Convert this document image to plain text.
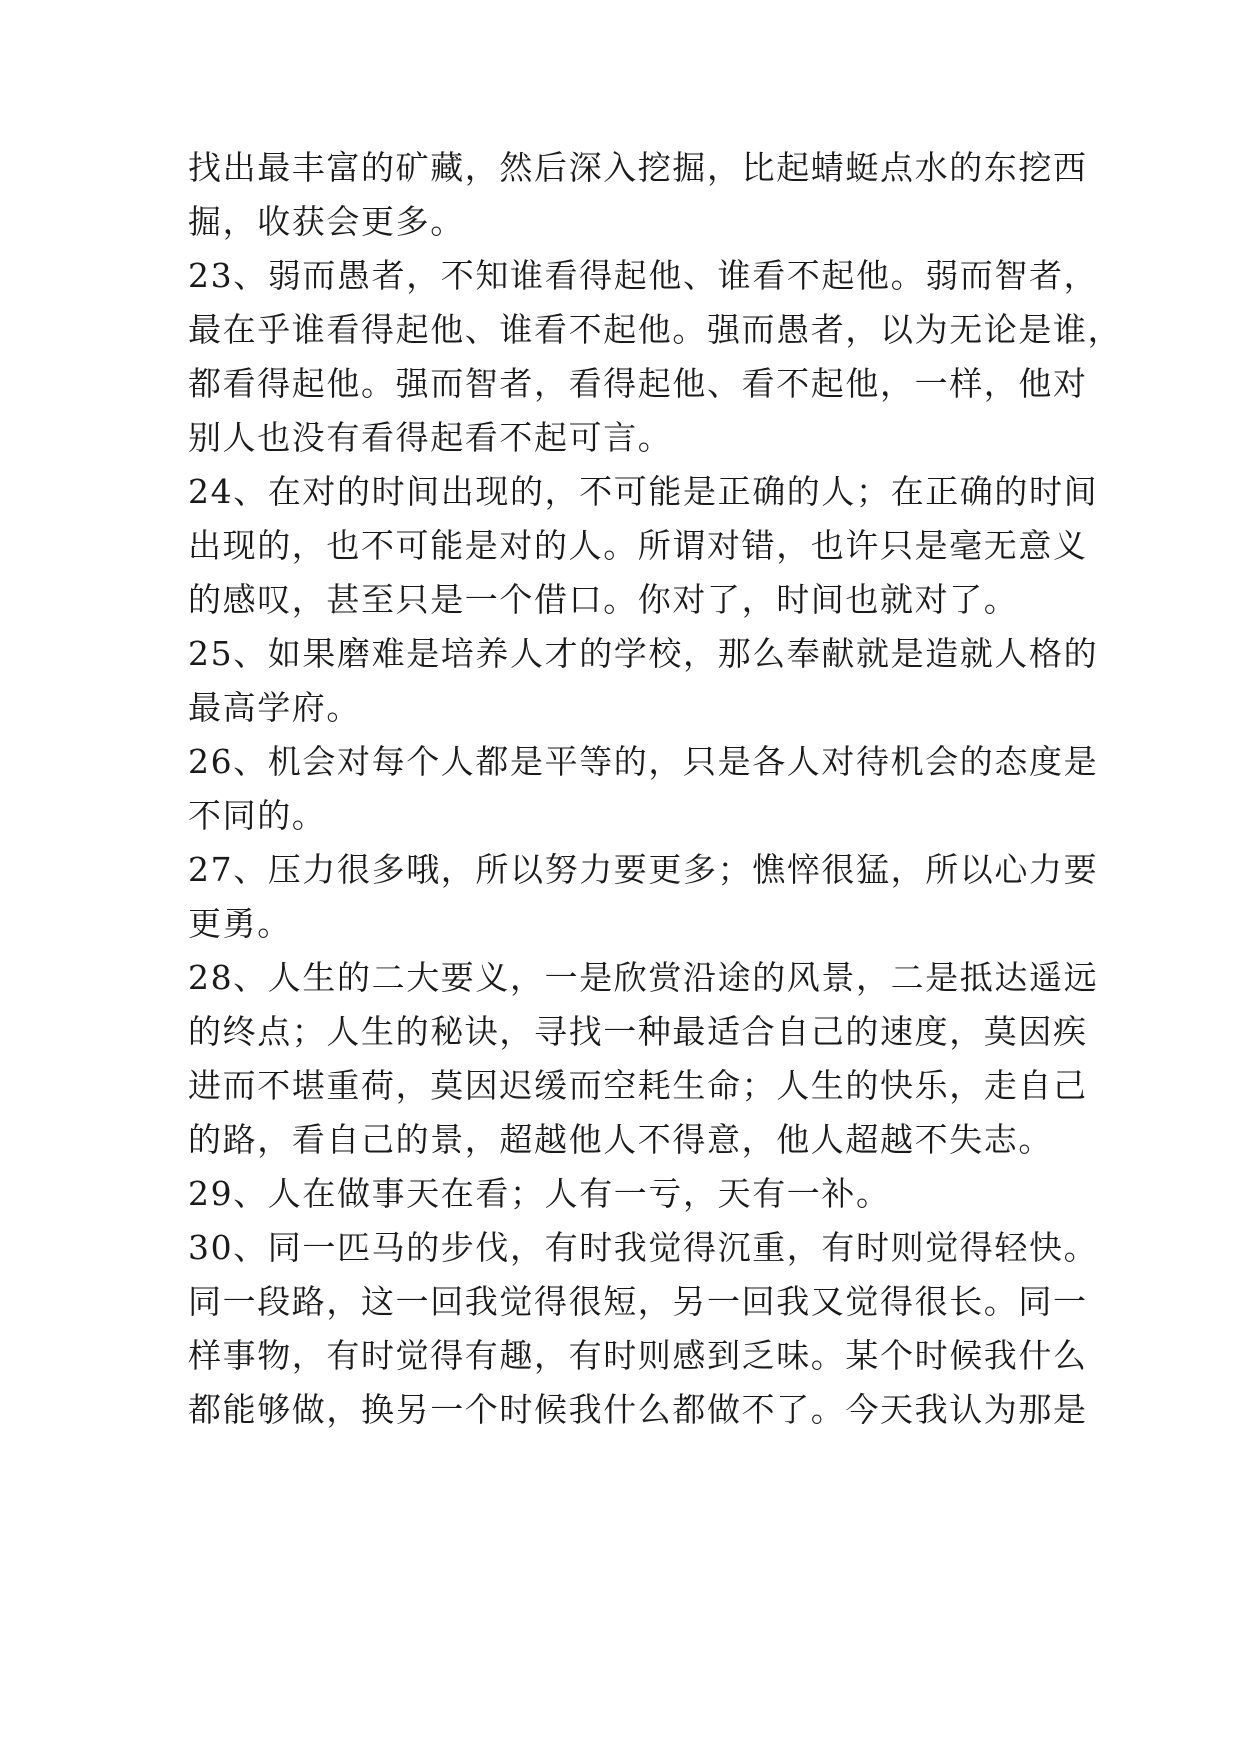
找出最丰富的矿藏，然后深入挖掘，比起蜻蜓点水的东挖西
掘，收获会更多。
23、弱而愚者，不知谁看得起他、谁看不起他。弱而智者，
最在乎谁看得起他、谁看不起他。强而愚者，以为无论是谁，
都看得起他。强而智者，看得起他、看不起他，一样，他对
别人也没有看得起看不起可言。
24、在对的时间出现的，不可能是正确的人；在正确的时间
出现的，也不可能是对的人。所谓对错，也许只是毫无意义
的感叹，甚至只是一个借口。你对了，时间也就对了。
25、如果磨难是培养人才的学校，那么奉献就是造就人格的
最高学府。
26、机会对每个人都是平等的，只是各人对待机会的态度是
不同的。
27、压力很多哦，所以努力要更多；憔悴很猛，所以心力要
更勇。
28、人生的二大要义，一是欣赏沿途的风景，二是抵达遥远
的终点；人生的秘诀，寻找一种最适合自己的速度，莫因疾
进而不堪重荷，莫因迟缓而空耗生命；人生的快乐，走自己
的路，看自己的景，超越他人不得意，他人超越不失志。
29、人在做事天在看；人有一亏，天有一补。
30、同一匹马的步伐，有时我觉得沉重，有时则觉得轻快。
同一段路，这一回我觉得很短，另一回我又觉得很长。同一
样事物，有时觉得有趣，有时则感到乏味。某个时候我什么
都能够做，换另一个时候我什么都做不了。今天我认为那是
